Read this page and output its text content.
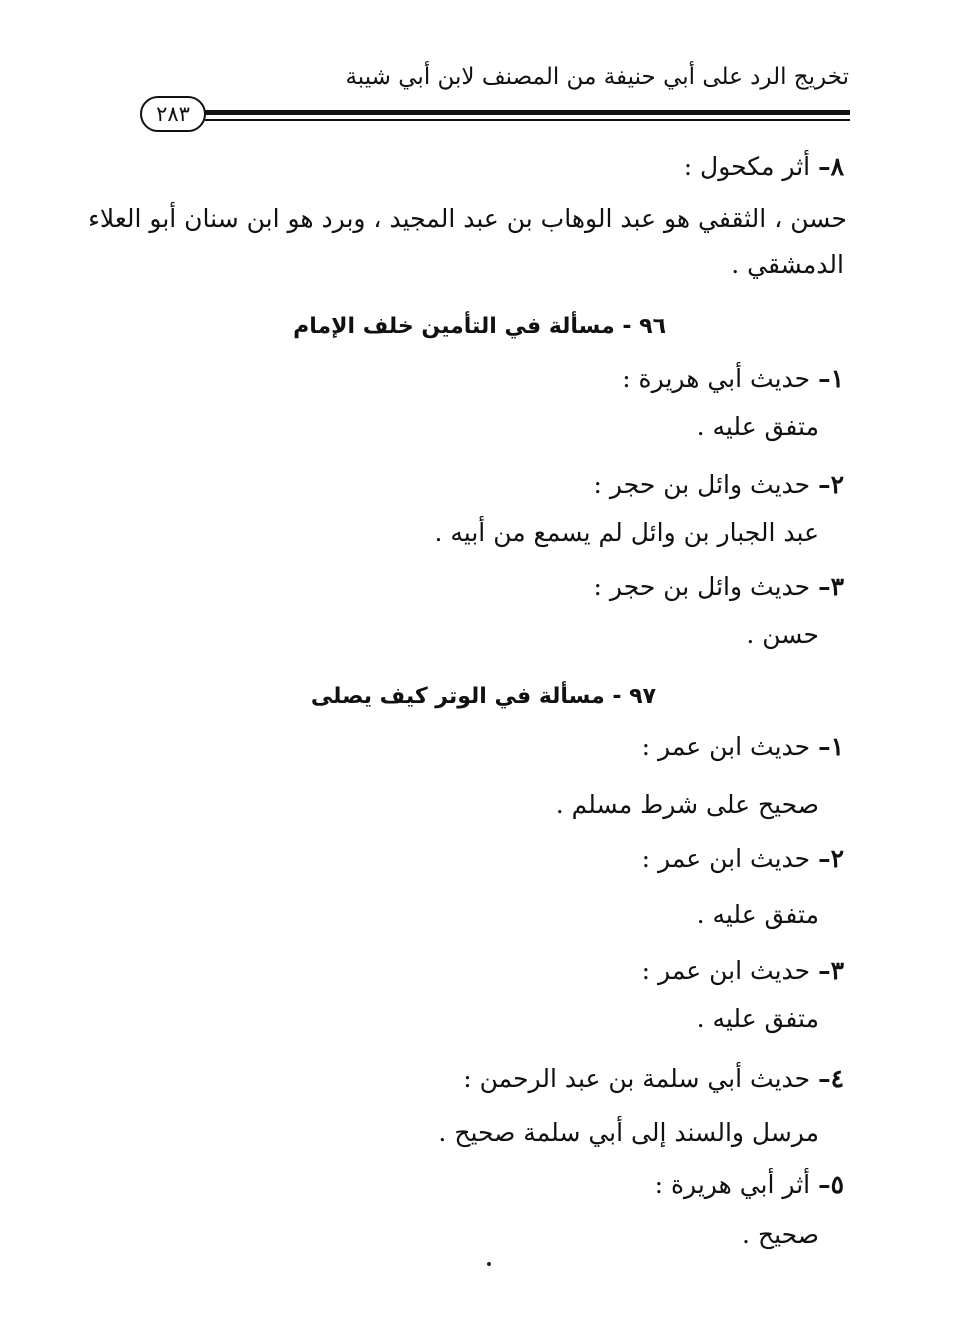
تخريج الرد على أبي حنيفة من المصنف لابن أبي شيبة
٢٨٣
٨– أثر مكحول :
حسن ، الثقفي هو عبد الوهاب بن عبد المجيد ، وبرد هو ابن سنان أبو العلاء
الدمشقي .
٩٦ - مسألة في التأمين خلف الإمام
١– حديث أبي هريرة :
متفق عليه .
٢– حديث وائل بن حجر :
عبد الجبار بن وائل لم يسمع من أبيه .
٣– حديث وائل بن حجر :
حسن .
٩٧ - مسألة في الوتر كيف يصلى
١– حديث ابن عمر :
صحيح على شرط مسلم .
٢– حديث ابن عمر :
متفق عليه .
٣– حديث ابن عمر :
متفق عليه .
٤– حديث أبي سلمة بن عبد الرحمن :
مرسل والسند إلى أبي سلمة صحيح .
٥– أثر أبي هريرة :
صحيح .
